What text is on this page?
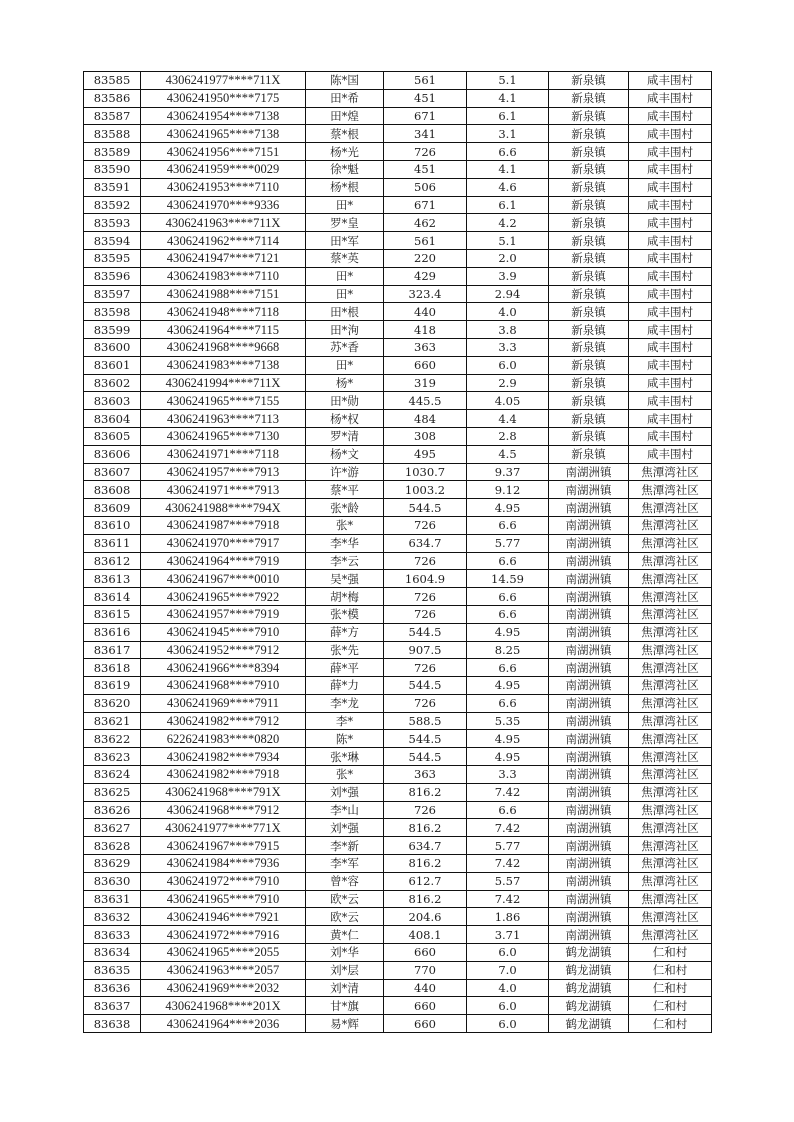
83585	4306241977****711X	陈*国	561	5.1	新泉镇	咸丰围村
83586	4306241950****7175	田*希	451	4.1	新泉镇	咸丰围村
83587	4306241954****7138	田*煌	671	6.1	新泉镇	咸丰围村
83588	4306241965****7138	蔡*根	341	3.1	新泉镇	咸丰围村
83589	4306241956****7151	杨*光	726	6.6	新泉镇	咸丰围村
83590	4306241959****0029	徐*魁	451	4.1	新泉镇	咸丰围村
83591	4306241953****7110	杨*根	506	4.6	新泉镇	咸丰围村
83592	4306241970****9336	田*	671	6.1	新泉镇	咸丰围村
83593	4306241963****711X	罗*皇	462	4.2	新泉镇	咸丰围村
83594	4306241962****7114	田*军	561	5.1	新泉镇	咸丰围村
83595	4306241947****7121	蔡*英	220	2.0	新泉镇	咸丰围村
83596	4306241983****7110	田*	429	3.9	新泉镇	咸丰围村
83597	4306241988****7151	田*	323.4	2.94	新泉镇	咸丰围村
83598	4306241948****7118	田*根	440	4.0	新泉镇	咸丰围村
83599	4306241964****7115	田*洵	418	3.8	新泉镇	咸丰围村
83600	4306241968****9668	苏*香	363	3.3	新泉镇	咸丰围村
83601	4306241983****7138	田*	660	6.0	新泉镇	咸丰围村
83602	4306241994****711X	杨*	319	2.9	新泉镇	咸丰围村
83603	4306241965****7155	田*勋	445.5	4.05	新泉镇	咸丰围村
83604	4306241963****7113	杨*权	484	4.4	新泉镇	咸丰围村
83605	4306241965****7130	罗*清	308	2.8	新泉镇	咸丰围村
83606	4306241971****7118	杨*文	495	4.5	新泉镇	咸丰围村
83607	4306241957****7913	许*游	1030.7	9.37	南湖洲镇	焦潭湾社区
83608	4306241971****7913	蔡*平	1003.2	9.12	南湖洲镇	焦潭湾社区
83609	4306241988****794X	张*龄	544.5	4.95	南湖洲镇	焦潭湾社区
83610	4306241987****7918	张*	726	6.6	南湖洲镇	焦潭湾社区
83611	4306241970****7917	李*华	634.7	5.77	南湖洲镇	焦潭湾社区
83612	4306241964****7919	李*云	726	6.6	南湖洲镇	焦潭湾社区
83613	4306241967****0010	吴*强	1604.9	14.59	南湖洲镇	焦潭湾社区
83614	4306241965****7922	胡*梅	726	6.6	南湖洲镇	焦潭湾社区
83615	4306241957****7919	张*模	726	6.6	南湖洲镇	焦潭湾社区
83616	4306241945****7910	薛*方	544.5	4.95	南湖洲镇	焦潭湾社区
83617	4306241952****7912	张*先	907.5	8.25	南湖洲镇	焦潭湾社区
83618	4306241966****8394	薛*平	726	6.6	南湖洲镇	焦潭湾社区
83619	4306241968****7910	薛*力	544.5	4.95	南湖洲镇	焦潭湾社区
83620	4306241969****7911	李*龙	726	6.6	南湖洲镇	焦潭湾社区
83621	4306241982****7912	李*	588.5	5.35	南湖洲镇	焦潭湾社区
83622	6226241983****0820	陈*	544.5	4.95	南湖洲镇	焦潭湾社区
83623	4306241982****7934	张*琳	544.5	4.95	南湖洲镇	焦潭湾社区
83624	4306241982****7918	张*	363	3.3	南湖洲镇	焦潭湾社区
83625	4306241968****791X	刘*强	816.2	7.42	南湖洲镇	焦潭湾社区
83626	4306241968****7912	李*山	726	6.6	南湖洲镇	焦潭湾社区
83627	4306241977****771X	刘*强	816.2	7.42	南湖洲镇	焦潭湾社区
83628	4306241967****7915	李*新	634.7	5.77	南湖洲镇	焦潭湾社区
83629	4306241984****7936	李*军	816.2	7.42	南湖洲镇	焦潭湾社区
83630	4306241972****7910	曾*容	612.7	5.57	南湖洲镇	焦潭湾社区
83631	4306241965****7910	欧*云	816.2	7.42	南湖洲镇	焦潭湾社区
83632	4306241946****7921	欧*云	204.6	1.86	南湖洲镇	焦潭湾社区
83633	4306241972****7916	黄*仁	408.1	3.71	南湖洲镇	焦潭湾社区
83634	4306241965****2055	刘*华	660	6.0	鹤龙湖镇	仁和村
83635	4306241963****2057	刘*层	770	7.0	鹤龙湖镇	仁和村
83636	4306241969****2032	刘*清	440	4.0	鹤龙湖镇	仁和村
83637	4306241968****201X	甘*旗	660	6.0	鹤龙湖镇	仁和村
83638	4306241964****2036	易*辉	660	6.0	鹤龙湖镇	仁和村
